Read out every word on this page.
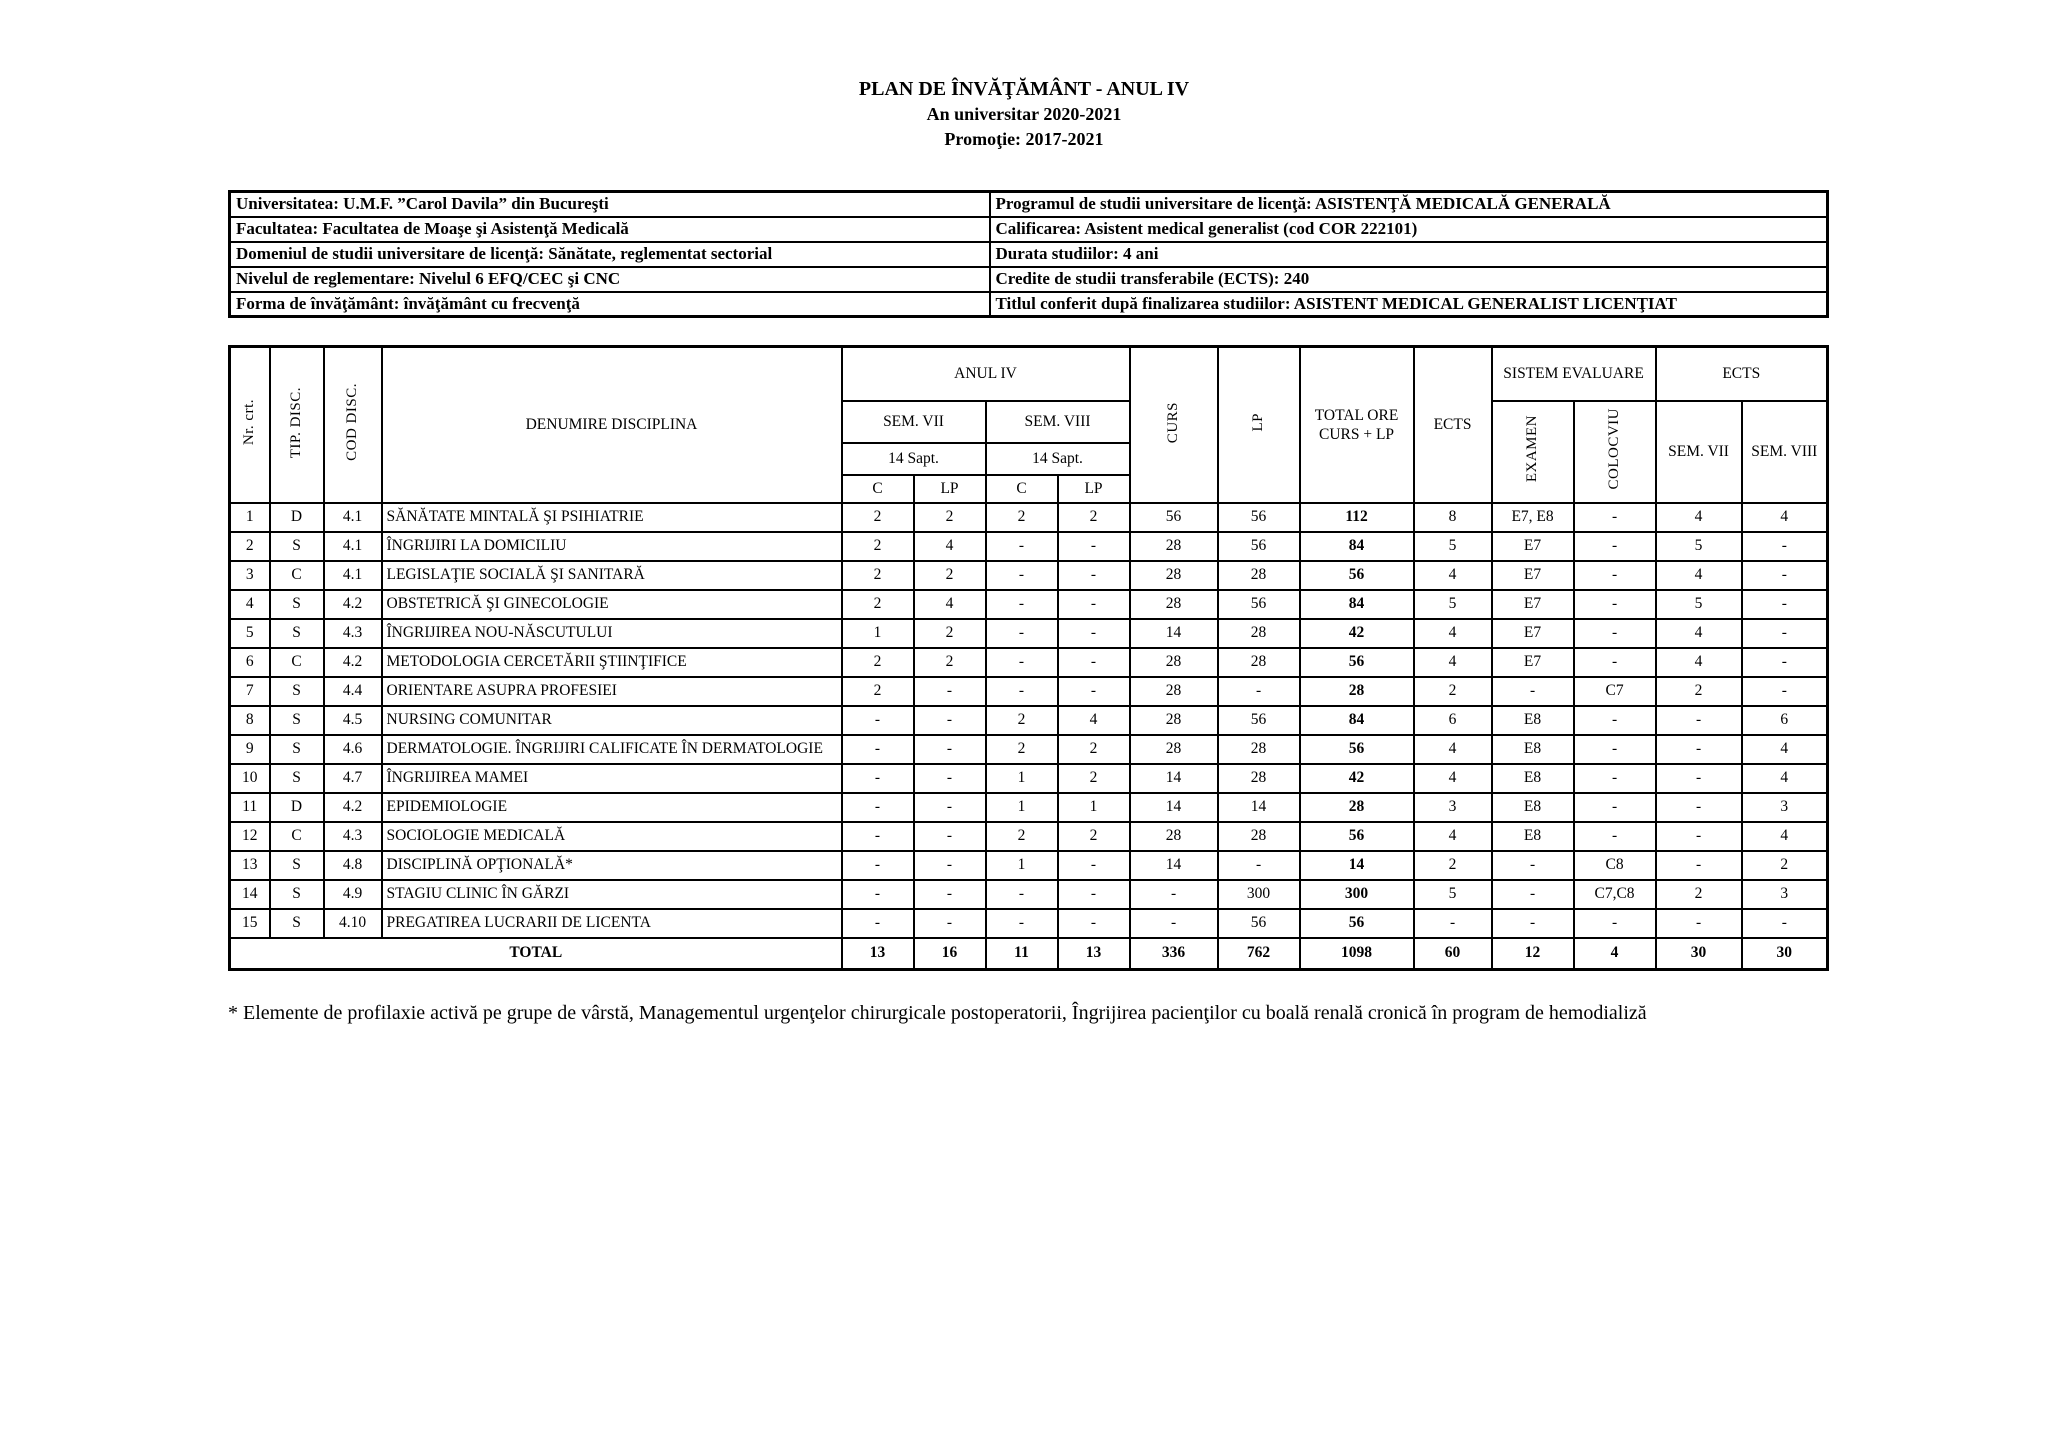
PLAN DE ÎNVĂŢĂMÂNT - ANUL IV
An universitar 2020-2021
Promoţie: 2017-2021
Universitatea: U.M.F. ”Carol Davila” din Bucureşti	Programul de studii universitare de licenţă: ASISTENŢĂ MEDICALĂ GENERALĂ
Facultatea: Facultatea de Moaşe şi Asistenţă Medicală	Calificarea: Asistent medical generalist (cod COR 222101)
Domeniul de studii universitare de licenţă: Sănătate, reglementat sectorial	Durata studiilor: 4 ani
Nivelul de reglementare: Nivelul 6 EFQ/CEC şi CNC	Credite de studii transferabile (ECTS): 240
Forma de învăţământ: învăţământ cu frecvenţă	Titlul conferit după finalizarea studiilor: ASISTENT MEDICAL GENERALIST LICENŢIAT
Nr. crt.	TIP. DISC.	COD DISC.	DENUMIRE DISCIPLINA	ANUL IV				CURS	LP	TOTAL ORE CURS + LP	ECTS	SISTEM EVALUARE		ECTS	
				SEM. VII		SEM. VIII						EXAMEN	COLOCVIU	SEM. VII	SEM. VIII
				14 Sapt.		14 Sapt.									
				C	LP	C	LP								
1	D	4.1	SĂNĂTATE MINTALĂ ŞI PSIHIATRIE	2	2	2	2	56	56	112	8	E7, E8	-	4	4
2	S	4.1	ÎNGRIJIRI LA DOMICILIU	2	4	-	-	28	56	84	5	E7	-	5	-
3	C	4.1	LEGISLAŢIE SOCIALĂ ŞI SANITARĂ	2	2	-	-	28	28	56	4	E7	-	4	-
4	S	4.2	OBSTETRICĂ ŞI GINECOLOGIE	2	4	-	-	28	56	84	5	E7	-	5	-
5	S	4.3	ÎNGRIJIREA NOU-NĂSCUTULUI	1	2	-	-	14	28	42	4	E7	-	4	-
6	C	4.2	METODOLOGIA CERCETĂRII ŞTIINŢIFICE	2	2	-	-	28	28	56	4	E7	-	4	-
7	S	4.4	ORIENTARE ASUPRA PROFESIEI	2	-	-	-	28	-	28	2	-	C7	2	-
8	S	4.5	NURSING COMUNITAR	-	-	2	4	28	56	84	6	E8	-	-	6
9	S	4.6	DERMATOLOGIE. ÎNGRIJIRI CALIFICATE ÎN DERMATOLOGIE	-	-	2	2	28	28	56	4	E8	-	-	4
10	S	4.7	ÎNGRIJIREA MAMEI	-	-	1	2	14	28	42	4	E8	-	-	4
11	D	4.2	EPIDEMIOLOGIE	-	-	1	1	14	14	28	3	E8	-	-	3
12	C	4.3	SOCIOLOGIE MEDICALĂ	-	-	2	2	28	28	56	4	E8	-	-	4
13	S	4.8	DISCIPLINĂ OPŢIONALĂ*	-	-	1	-	14	-	14	2	-	C8	-	2
14	S	4.9	STAGIU CLINIC ÎN GĂRZI	-	-	-	-	-	300	300	5	-	C7,C8	2	3
15	S	4.10	PREGATIREA LUCRARII DE LICENTA	-	-	-	-	-	56	56	-	-	-	-	-
TOTAL				13	16	11	13	336	762	1098	60	12	4	30	30
* Elemente de profilaxie activă pe grupe de vârstă, Managementul urgenţelor chirurgicale postoperatorii, Îngrijirea pacienţilor cu boală renală cronică în program de hemodializă
